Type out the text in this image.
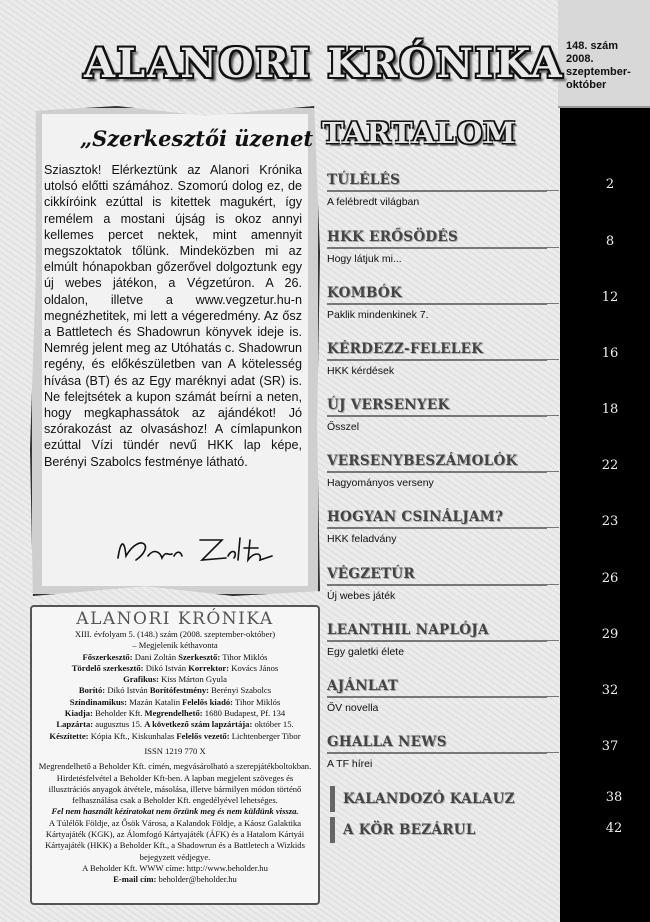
148. szám
2008.
szeptember-
október
ALANORI KRÓNIKA
„Szerkesztői üzenet
Sziasztok! Elérkeztünk az Alanori Krónika utolsó előtti számához. Szomorú dolog ez, de cikkíróink ezúttal is kitettek magukért, így remélem a mostani újság is okoz annyi kellemes percet nektek, mint amennyit megszoktatok tőlünk. Mindeközben mi az elmúlt hónapokban gőzerővel dolgoztunk egy új webes játékon, a Végzetúron. A 26. oldalon, illetve a www.vegzetur.hu-n megnézhetitek, mi lett a végeredmény. Az ősz a Battletech és Shadowrun könyvek ideje is. Nemrég jelent meg az Utóhatás c. Shadowrun regény, és előkészületben van A kötelesség hívása (BT) és az Egy maréknyi adat (SR) is. Ne felejtsétek a kupon számát beírni a neten, hogy megkaphassátok az ajándékot! Jó szórakozást az olvasáshoz! A címlapunkon ezúttal Vízi tündér nevű HKK lap képe, Berényi Szabolcs festménye látható.
ALANORI KRÓNIKA
XIII. évfolyam 5. (148.) szám (2008. szeptember-október)
– Megjelenik kéthavonta
Főszerkesztő: Dani Zoltán Szerkesztő: Tihor Miklós
Tördelő szerkesztő: Dikó István Korrektor: Kovács János
Grafikus: Kiss Márton Gyula
Borító: Dikó István Borítófestmény: Berényi Szabolcs
Színdinamikus: Mazán Katalin Felelős kiadó: Tihor Miklós
Kiadja: Beholder Kft. Megrendelhető: 1680 Budapest, Pf. 134
Lapzárta: augusztus 15. A következő szám lapzártája: október 15.
Készítette: Kópia Kft., Kiskunhalas Felelős vezető: Lichtenberger Tibor
ISSN 1219 770 X
Megrendelhető a Beholder Kft. címén, megvásárolható a szerepjátékboltokban. Hirdetésfelvétel a Beholder Kft-ben. A lapban megjelent szöveges és illusztrációs anyagok átvétele, másolása, illetve bármilyen módon történő felhasználása csak a Beholder Kft. engedélyével lehetséges.
Fel nem használt kéziratokat nem őrzünk meg és nem küldünk vissza.
A Túlélők Földje, az Ősök Városa, a Kalandok Földje, a Káosz Galaktika Kártyajáték (KGK), az Álomfogó Kártyajáték (ÁFK) és a Hatalom Kártyái Kártyajáték (HKK) a Beholder Kft., a Shadowrun és a Battletech a Wizkids bejegyzett védjegye.
A Beholder Kft. WWW címe: http://www.beholder.hu
E-mail cím: beholder@beholder.hu
TARTALOM
TÚLÉLÉS
A felébredt világban
2
HKK ERŐSÖDÉS
Hogy látjuk mi...
8
KOMBÓK
Paklik mindenkinek 7.
12
KÉRDEZZ-FELELEK
HKK kérdések
16
ÚJ VERSENYEK
Ősszel
18
VERSENYBESZÁMOLÓK
Hagyományos verseny
22
HOGYAN CSINÁLJAM?
HKK feladvány
23
VÉGZETÚR
Új webes játék
26
LEANTHIL NAPLÓJA
Egy galetki élete
29
AJÁNLAT
ŐV novella
32
GHALLA NEWS
A TF hírei
37
KALANDOZÓ KALAUZ	38
A KÖR BEZÁRUL	42
